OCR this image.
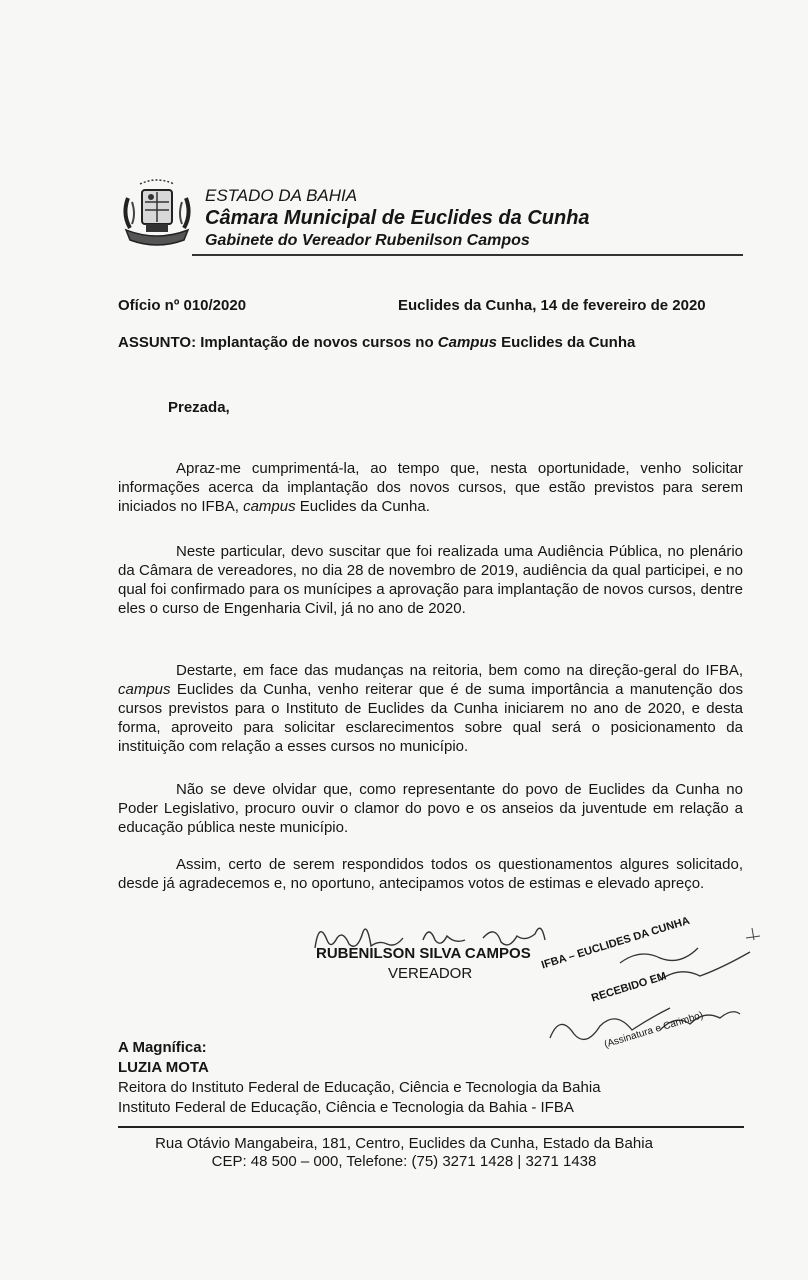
ESTADO DA BAHIA
Câmara Municipal de Euclides da Cunha
Gabinete do Vereador Rubenilson Campos
Ofício nº 010/2020	Euclides da Cunha, 14 de fevereiro de 2020
ASSUNTO: Implantação de novos cursos no Campus Euclides da Cunha
Prezada,

Apraz-me cumprimentá-la, ao tempo que, nesta oportunidade, venho solicitar informações acerca da implantação dos novos cursos, que estão previstos para serem iniciados no IFBA, campus Euclides da Cunha.

Neste particular, devo suscitar que foi realizada uma Audiência Pública, no plenário da Câmara de vereadores, no dia 28 de novembro de 2019, audiência da qual participei, e no qual foi confirmado para os munícipes a aprovação para implantação de novos cursos, dentre eles o curso de Engenharia Civil, já no ano de 2020.

Destarte, em face das mudanças na reitoria, bem como na direção-geral do IFBA, campus Euclides da Cunha, venho reiterar que é de suma importância a manutenção dos cursos previstos para o Instituto de Euclides da Cunha iniciarem no ano de 2020, e desta forma, aproveito para solicitar esclarecimentos sobre qual será o posicionamento da instituição com relação a esses cursos no município.

Não se deve olvidar que, como representante do povo de Euclides da Cunha no Poder Legislativo, procuro ouvir o clamor do povo e os anseios da juventude em relação a educação pública neste município.

Assim, certo de serem respondidos todos os questionamentos algures solicitado, desde já agradecemos e, no oportuno, antecipamos votos de estimas e elevado apreço.

RUBENILSON SILVA CAMPOS
VEREADOR
IFBA – EUCLIDES DA CUNHA
RECEBIDO EM
(Assinatura e Carimbo)
A Magnífica:
LUZIA MOTA
Reitora do Instituto Federal de Educação, Ciência e Tecnologia da Bahia
Instituto Federal de Educação, Ciência e Tecnologia da Bahia - IFBA
Rua Otávio Mangabeira, 181, Centro, Euclides da Cunha, Estado da Bahia
CEP: 48 500 – 000, Telefone: (75) 3271 1428 | 3271 1438
